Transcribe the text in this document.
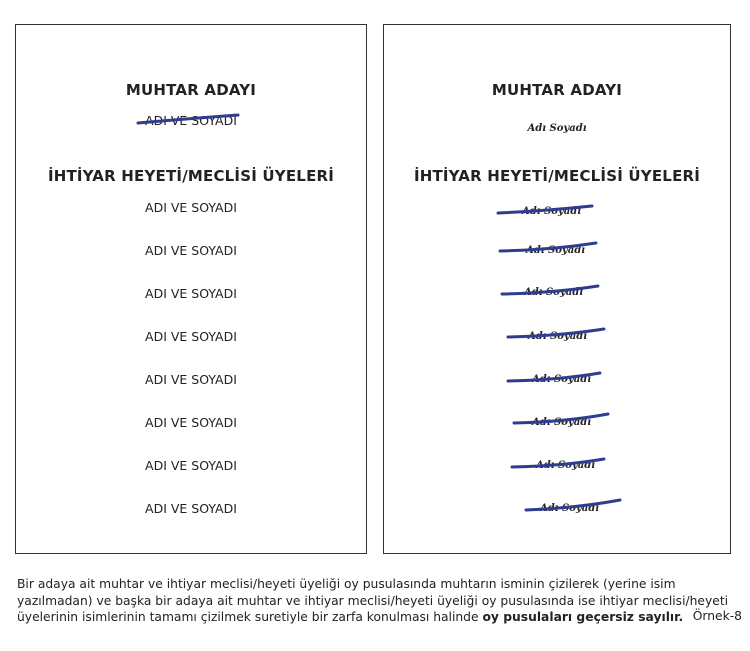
MUHTAR ADAYI
ADI VE SOYADI
İHTİYAR HEYETİ/MECLİSİ ÜYELERİ
ADI VE SOYADI
ADI VE SOYADI
ADI VE SOYADI
ADI VE SOYADI
ADI VE SOYADI
ADI VE SOYADI
ADI VE SOYADI
ADI VE SOYADI
MUHTAR ADAYI
Adı Soyadı
İHTİYAR HEYETİ/MECLİSİ ÜYELERİ
Adı Soyadı
Adı Soyadı
Adı Soyadı
Adı Soyadı
Adı Soyadı
Adı Soyadı
Adı Soyadı
Adı Soyadı
Bir adaya ait muhtar ve ihtiyar meclisi/heyeti üyeliği oy pusulasında muhtarın isminin çizilerek (yerine isim yazılmadan) ve başka bir adaya ait muhtar ve ihtiyar meclisi/heyeti üyeliği oy pusulasında ise ihtiyar meclisi/heyeti üyelerinin isimlerinin tamamı çizilmek suretiyle bir zarfa konulması halinde oy pusulaları geçersiz sayılır. Örnek-8
